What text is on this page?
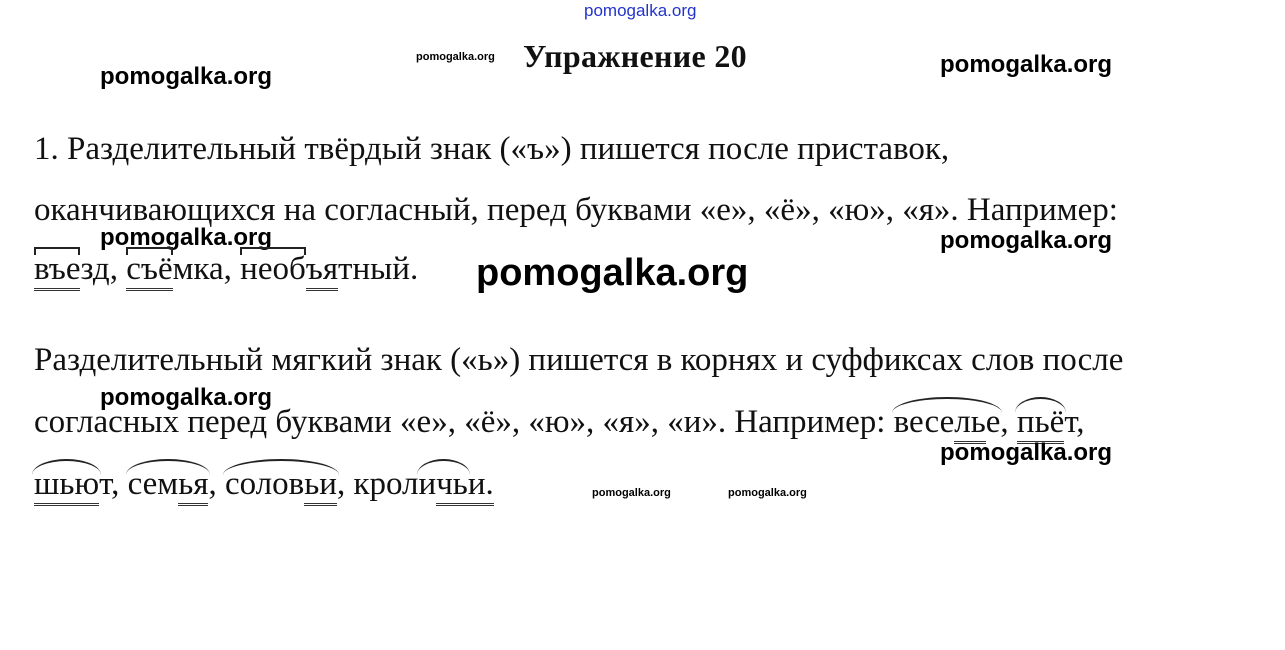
pomogalka.org
Упражнение 20
pomogalka.org
pomogalka.org	pomogalka.org
1. Разделительный твёрдый знак («ъ») пишется после приставок,
оканчивающихся на согласный, перед буквами «е», «ё», «ю», «я». Например:
pomogalka.org	pomogalka.org
въезд, съёмка, необъятный. pomogalka.org
Разделительный мягкий знак («ь») пишется в корнях и суффиксах слов после
pomogalka.org
согласных перед буквами «е», «ё», «ю», «я», «и». Например: веселье, пьёт,
pomogalka.org
шьют, семья, соловьи, крол
ичьи.	pomogalka.org	pomogalka.org
